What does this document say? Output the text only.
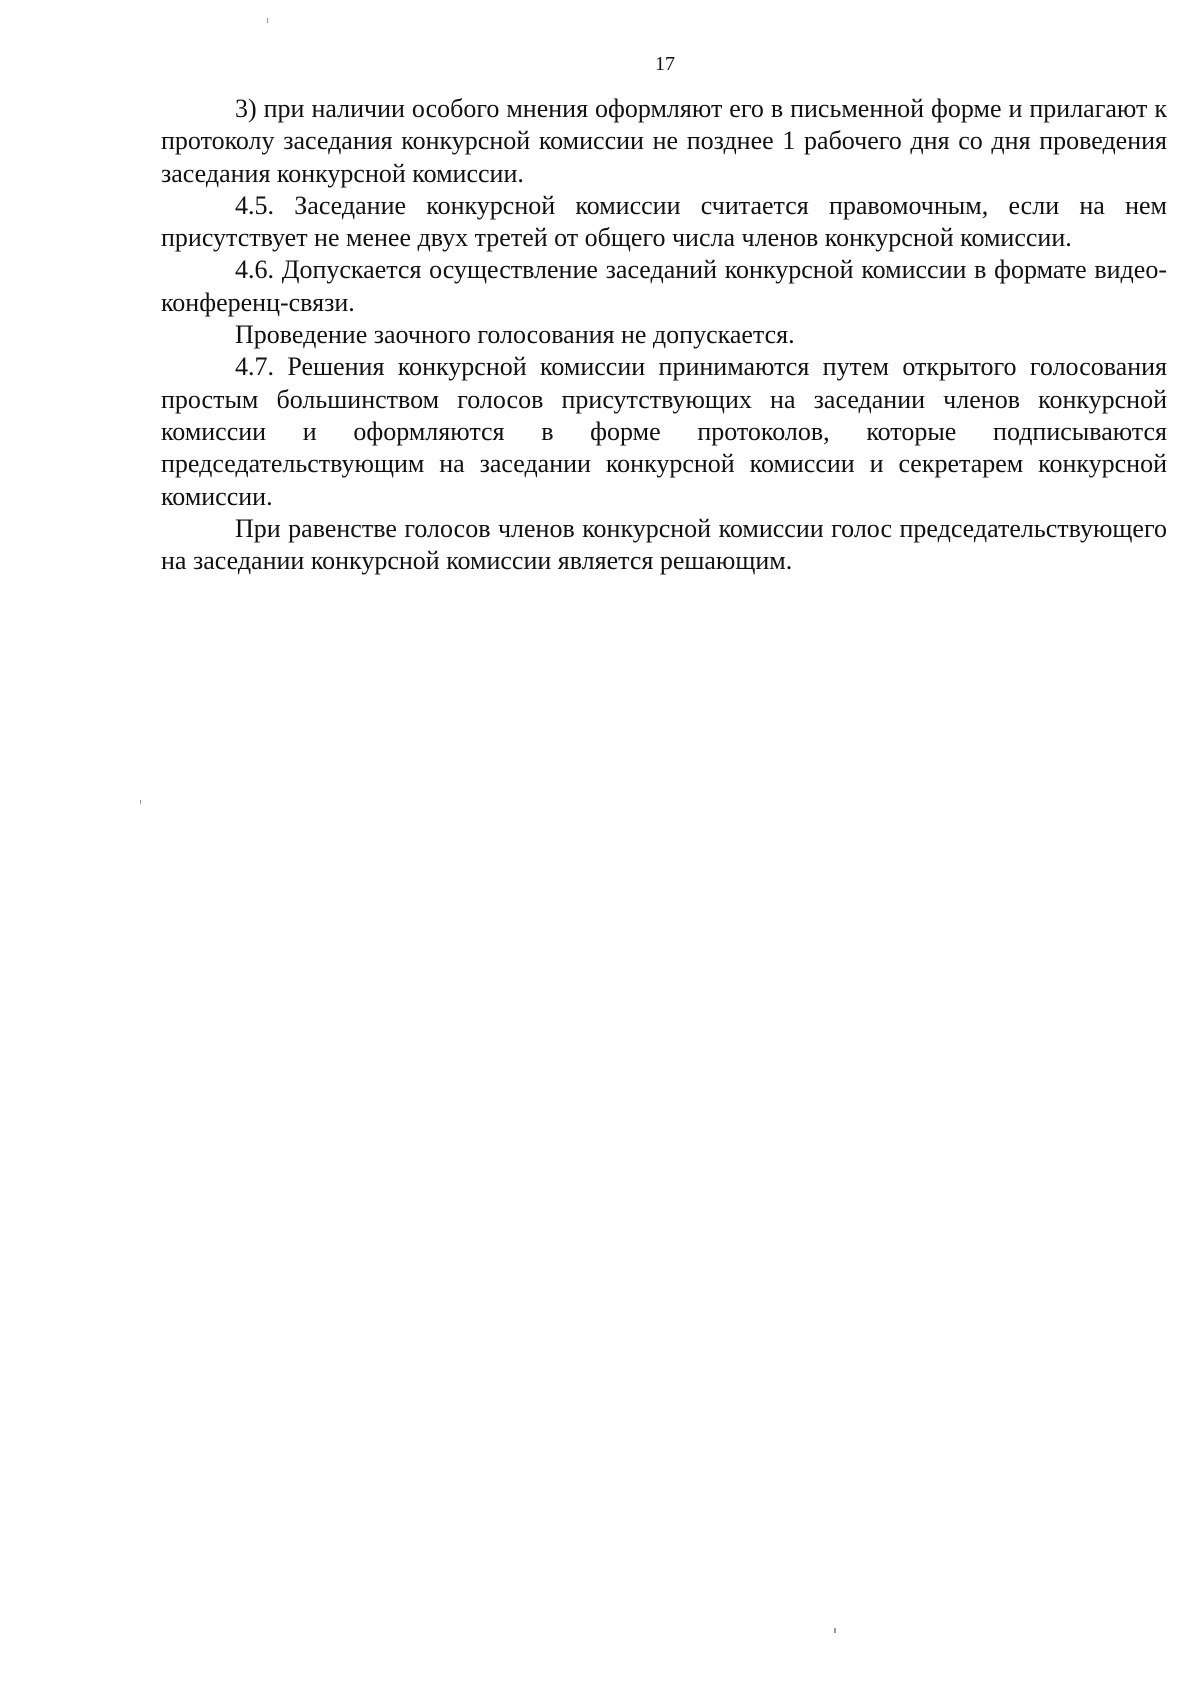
17

3) при наличии особого мнения оформляют его в письменной форме и прилагают к протоколу заседания конкурсной комиссии не позднее 1 рабочего дня со дня проведения заседания конкурсной комиссии.

4.5. Заседание конкурсной комиссии считается правомочным, если на нем присутствует не менее двух третей от общего числа членов конкурсной комиссии.

4.6. Допускается осуществление заседаний конкурсной комиссии в формате видео-конференц-связи.

Проведение заочного голосования не допускается.

4.7. Решения конкурсной комиссии принимаются путем открытого голосования простым большинством голосов присутствующих на заседании членов конкурсной комиссии и оформляются в форме протоколов, которые подписываются председательствующим на заседании конкурсной комиссии и секретарем конкурсной комиссии.

При равенстве голосов членов конкурсной комиссии голос председательствующего на заседании конкурсной комиссии является решающим.
